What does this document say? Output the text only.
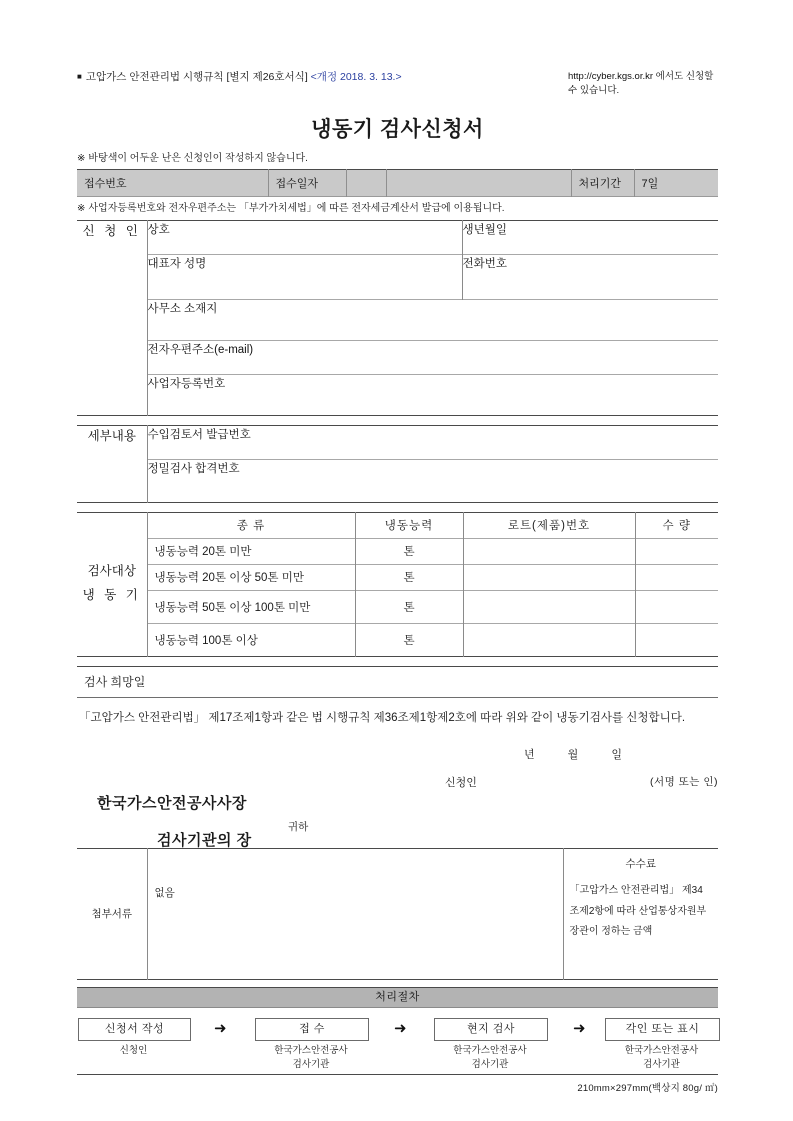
■ 고압가스 안전관리법 시행규칙 [별지 제26호서식] <개정 2018. 3. 13.>	http://cyber.kgs.or.kr 에서도 신청할 수 있습니다.
냉동기 검사신청서
※ 바탕색이 어두운 난은 신청인이 작성하지 않습니다.
접수번호		접수일자			처리기간	7일
※ 사업자등록번호와 전자우편주소는 「부가가치세법」에 따른 전자세금계산서 발급에 이용됩니다.
신 청 인	상호	생년월일
	대표자 성명	전화번호
	사무소 소재지	
	전자우편주소(e-mail)	
	사업자등록번호	
세부내용	수입검토서 발급번호
정밀검사 합격번호
검사대상
냉 동 기	종 류	냉동능력	로트(제품)번호	수 량
	냉동능력 20톤 미만	톤		
	냉동능력 20톤 이상 50톤 미만	톤		
	냉동능력 50톤 이상 100톤 미만	톤		
	냉동능력 100톤 이상	톤		
검사 희망일
「고압가스 안전관리법」 제17조제1항과 같은 법 시행규칙 제36조제1항제2호에 따라 위와 같이 냉동기검사를 신청합니다.
년	월	일
신청인	(서명 또는 인)
한국가스안전공사사장
귀하
검사기관의 장
첨부서류	없음	
수수료
「고압가스 안전관리법」 제34조제2항에 따라 산업통상자원부장관이 정하는 금액
처리절차
신청서 작성
신청인
➜	접 수
한국가스안전공사
검사기관
➜	현지 검사
한국가스안전공사
검사기관
➜	각인 또는 표시
한국가스안전공사
검사기관
210mm×297mm(백상지 80g/ ㎡)
